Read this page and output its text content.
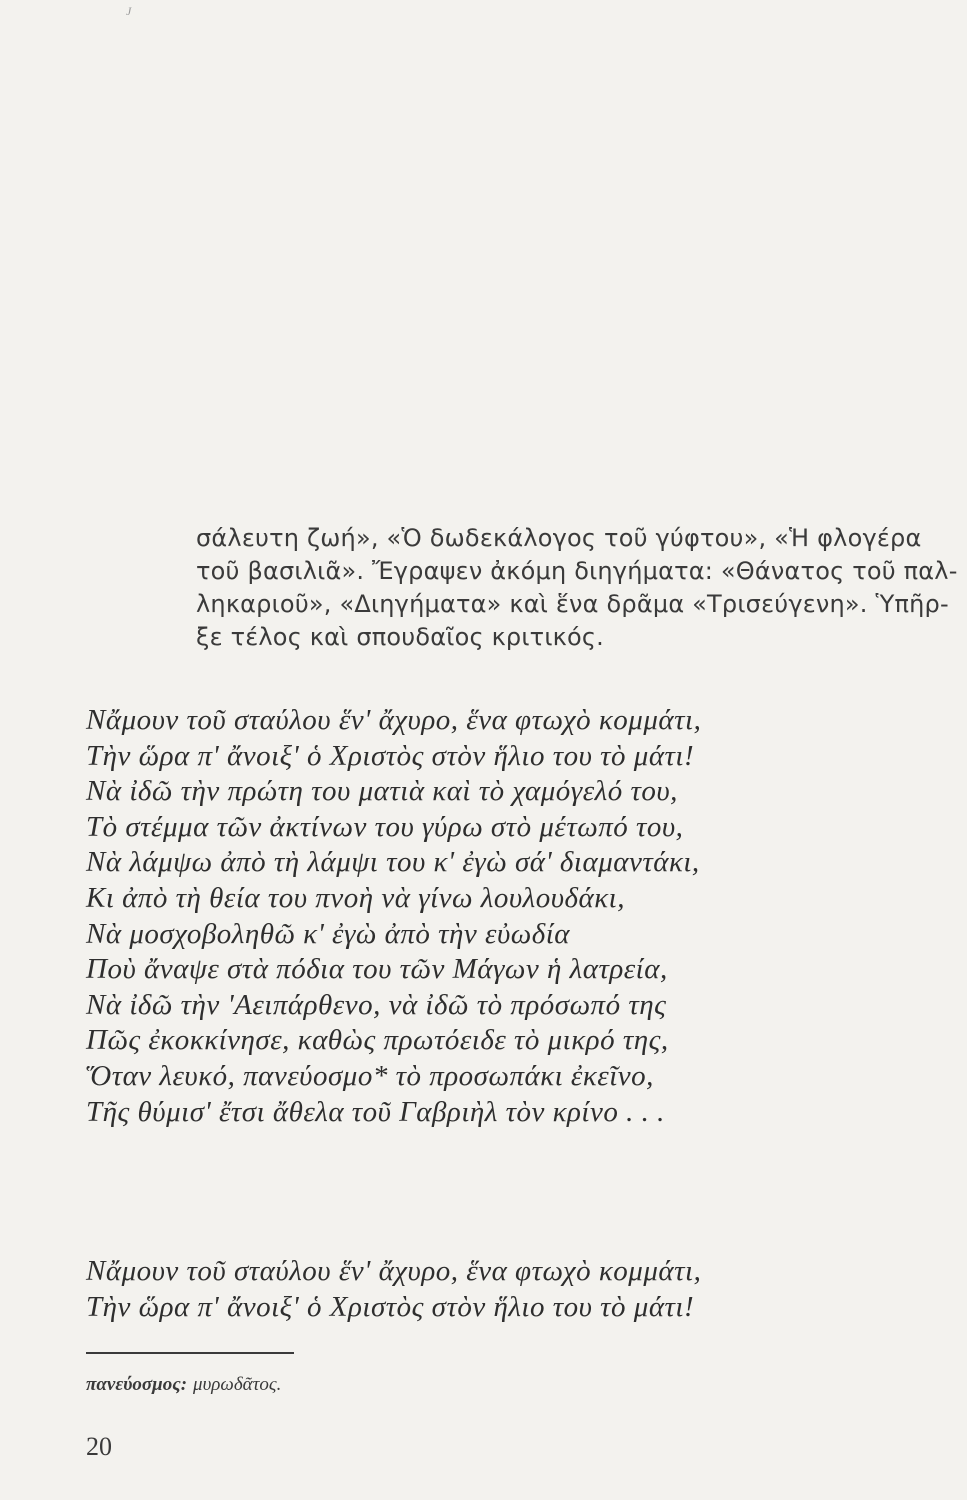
J
σάλευτη ζωή», «Ὁ δωδεκάλογος τοῦ γύφτου», «Ἡ φλογέρα
τοῦ βασιλιᾶ». Ἔγραψεν ἀκόμη διηγήματα: «Θάνατος τοῦ παλ-
ληκαριοῦ», «Διηγήματα» καὶ ἕνα δρᾶμα «Τρισεύγενη». Ὑπῆρ-
ξε τέλος καὶ σπουδαῖος κριτικός.
Νἄμουν τοῦ σταύλου ἕν' ἄχυρο, ἕνα φτωχὸ κομμάτι,
Τὴν ὥρα π' ἄνοιξ' ὁ Χριστὸς στὸν ἥλιο του τὸ μάτι!
Νὰ ἰδῶ τὴν πρώτη του ματιὰ καὶ τὸ χαμόγελό του,
Τὸ στέμμα τῶν ἀκτίνων του γύρω στὸ μέτωπό του,
Νὰ λάμψω ἀπὸ τὴ λάμψι του κ' ἐγὼ σά' διαμαντάκι,
Κι ἀπὸ τὴ θεία του πνοὴ νὰ γίνω λουλουδάκι,
Νὰ μοσχοβοληθῶ κ' ἐγὼ ἀπὸ τὴν εὐωδία
Ποὺ ἄναψε στὰ πόδια του τῶν Μάγων ἡ λατρεία,
Νὰ ἰδῶ τὴν 'Αειπάρθενο, νὰ ἰδῶ τὸ πρόσωπό της
Πῶς ἐκοκκίνησε, καθὼς πρωτόειδε τὸ μικρό της,
Ὅταν λευκό, πανεύοσμο* τὸ προσωπάκι ἐκεῖνο,
Τῆς θύμισ' ἔτσι ἄθελα τοῦ Γαβριὴλ τὸν κρίνο . . .
Νἄμουν τοῦ σταύλου ἕν' ἄχυρο, ἕνα φτωχὸ κομμάτι,
Τὴν ὥρα π' ἄνοιξ' ὁ Χριστὸς στὸν ἥλιο του τὸ μάτι!
πανεύοσμος: μυρωδᾶτος.
20
